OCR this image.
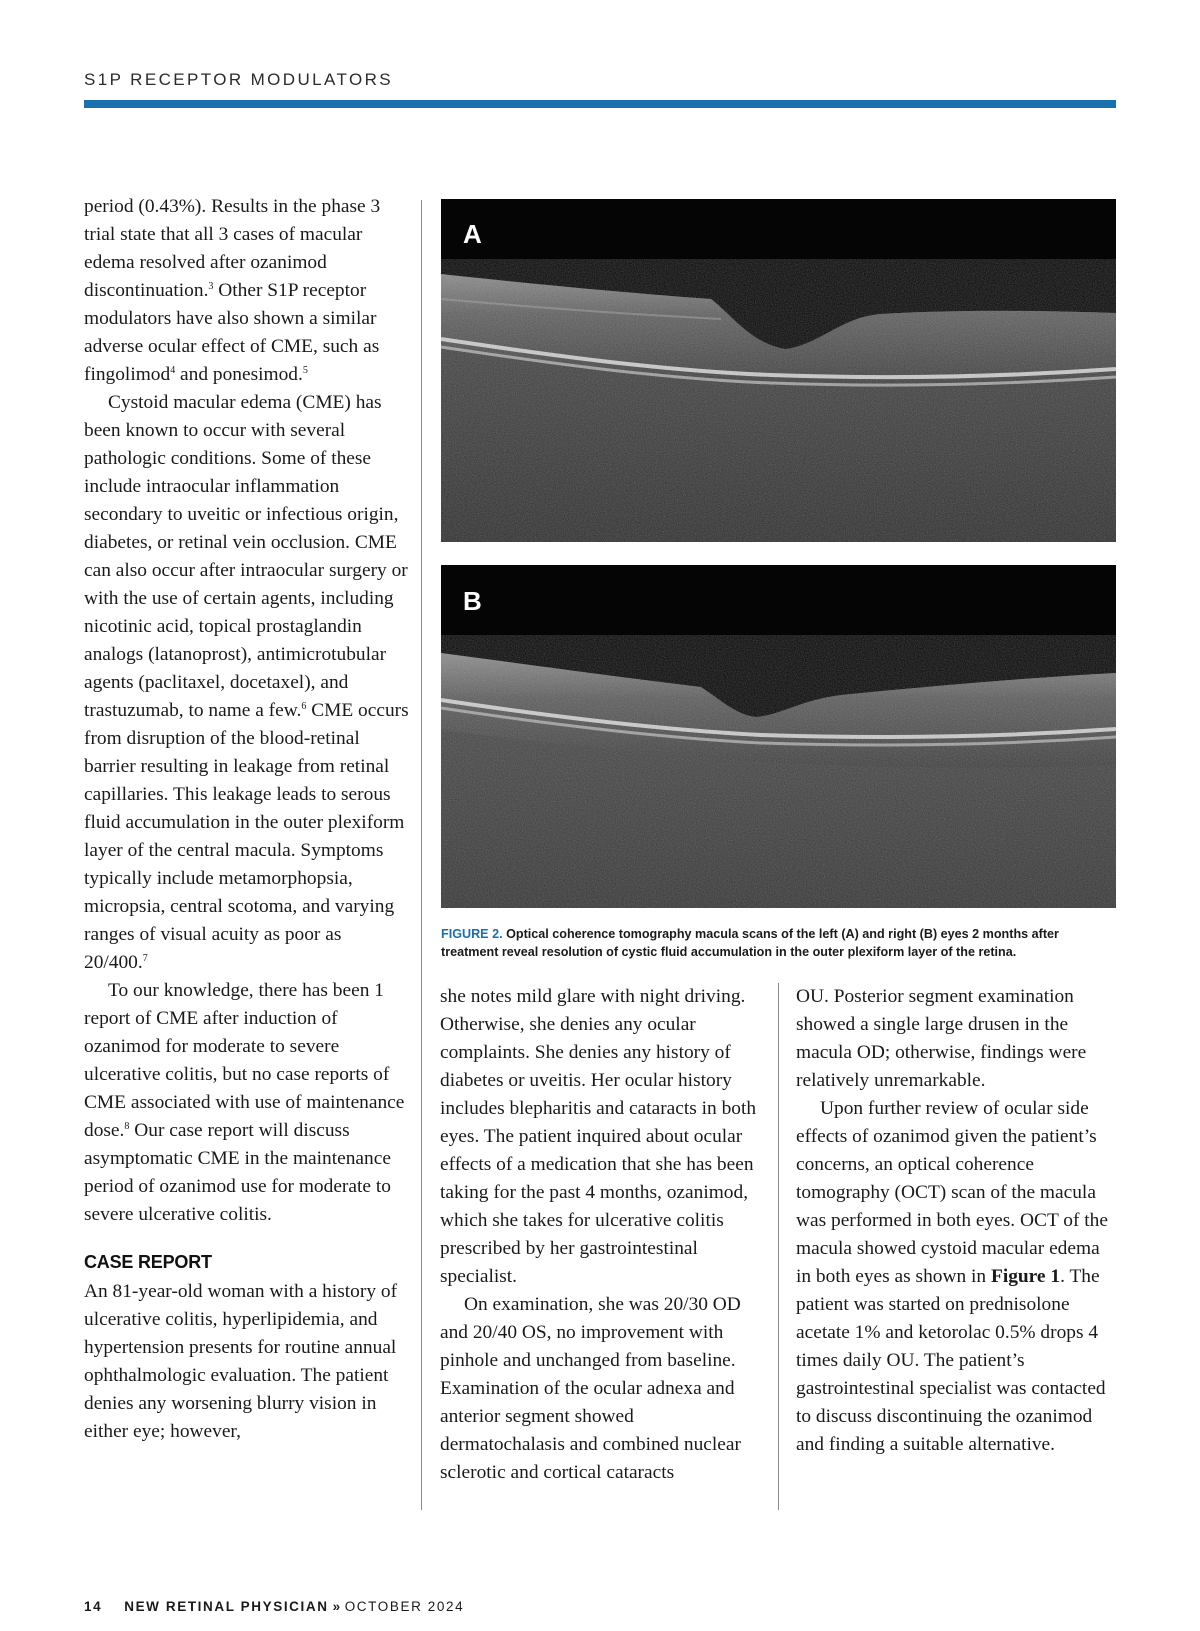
S1P RECEPTOR MODULATORS

period (0.43%). Results in the phase 3 trial state that all 3 cases of macular edema resolved after ozanimod discontinuation.$^3$ Other S1P receptor modulators have also shown a similar adverse ocular effect of CME, such as fingolimod$^4$ and ponesimod.$^5$

Cystoid macular edema (CME) has been known to occur with several pathologic conditions. Some of these include intraocular inflammation secondary to uveitic or infectious origin, diabetes, or retinal vein occlusion. CME can also occur after intraocular surgery or with the use of certain agents, including nicotinic acid, topical prostaglandin analogs (latanoprost), antimicrotubular agents (paclitaxel, docetaxel), and trastuzumab, to name a few.$^6$ CME occurs from disruption of the blood-retinal barrier resulting in leakage from retinal capillaries. This leakage leads to serous fluid accumulation in the outer plexiform layer of the central macula. Symptoms typically include metamorphopsia, micropsia, central scotoma, and varying ranges of visual acuity as poor as 20/400.$^7$

To our knowledge, there has been 1 report of CME after induction of ozanimod for moderate to severe ulcerative colitis, but no case reports of CME associated with use of maintenance dose.$^8$ Our case report will discuss asymptomatic CME in the maintenance period of ozanimod use for moderate to severe ulcerative colitis.

CASE REPORT

An 81-year-old woman with a history of ulcerative colitis, hyperlipidemia, and hypertension presents for routine annual ophthalmologic evaluation. The patient denies any worsening blurry vision in either eye; however,

A
B
FIGURE 2. Optical coherence tomography macula scans of the left (A) and right (B) eyes 2 months after treatment reveal resolution of cystic fluid accumulation in the outer plexiform layer of the retina.

she notes mild glare with night driving. Otherwise, she denies any ocular complaints. She denies any history of diabetes or uveitis. Her ocular history includes blepharitis and cataracts in both eyes. The patient inquired about ocular effects of a medication that she has been taking for the past 4 months, ozanimod, which she takes for ulcerative colitis prescribed by her gastrointestinal specialist.

On examination, she was 20/30 OD and 20/40 OS, no improvement with pinhole and unchanged from baseline. Examination of the ocular adnexa and anterior segment showed dermatochalasis and combined nuclear sclerotic and cortical cataracts

OU. Posterior segment examination showed a single large drusen in the macula OD; otherwise, findings were relatively unremarkable.

Upon further review of ocular side effects of ozanimod given the patient’s concerns, an optical coherence tomography (OCT) scan of the macula was performed in both eyes. OCT of the macula showed cystoid macular edema in both eyes as shown in Figure 1. The patient was started on prednisolone acetate 1% and ketorolac 0.5% drops 4 times daily OU. The patient’s gastrointestinal specialist was contacted to discuss discontinuing the ozanimod and finding a suitable alternative.

14 NEW RETINAL PHYSICIAN » OCTOBER 2024
